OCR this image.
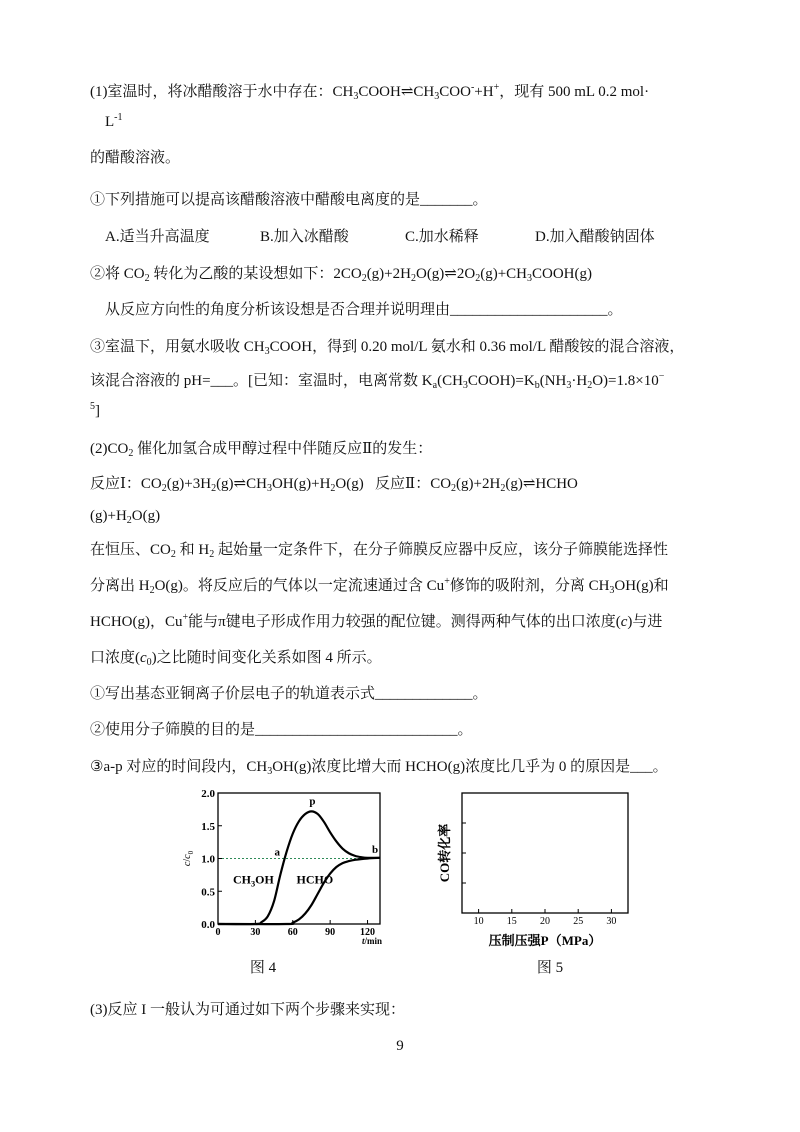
(1)室温时，将冰醋酸溶于水中存在：$CH_3COOH\rightleftharpoons CH_3COO^-+H^+$，现有 500 mL 0.2 mol·
$L^{-1}$
的醋酸溶液。
①下列措施可以提高该醋酸溶液中醋酸电离度的是_______。
A.适当升高温度	B.加入冰醋酸	C.加水稀释	D.加入醋酸钠固体
②将 $CO_2$ 转化为乙酸的某设想如下：$2CO_2(g)+2H_2O(g)\rightleftharpoons 2O_2(g)+CH_3COOH(g)$
从反应方向性的角度分析该设想是否合理并说明理由_____________________。
③室温下，用氨水吸收 $CH_3COOH$，得到 0.20 mol/L 氨水和 0.36 mol/L 醋酸铵的混合溶液，
该混合溶液的 pH=___。[已知：室温时，电离常数 $K_a(CH_3COOH)=K_b(NH_3\cdot H_2O)=1.8\times 10^-$
$^5$]
$(2)CO_2$ 催化加氢合成甲醇过程中伴随反应Ⅱ的发生：
反应Ⅰ：$CO_2(g)+3H_2(g)\rightleftharpoons CH_3OH(g)+H_2O(g)$   反应Ⅱ：$CO_2(g)+2H_2(g)\rightleftharpoons HCHO$
$(g)+H_2O(g)$
在恒压、$CO_2$ 和 $H_2$ 起始量一定条件下，在分子筛膜反应器中反应，该分子筛膜能选择性
分离出 $H_2O(g)$。将反应后的气体以一定流速通过含 Cu+修饰的吸附剂，分离 $CH_3OH(g)$和
HCHO(g)，Cu+能与π键电子形成作用力较强的配位键。测得两种气体的出口浓度(c)与进
口浓度$(c_0)$之比随时间变化关系如图 4 所示。
①写出基态亚铜离子价层电子的轨道表示式_____________。
②使用分子筛膜的目的是___________________________。
③a-p 对应的时间段内，$CH_3OH(g)$浓度比增大而 HCHO(g)浓度比几乎为 0 的原因是___。
0	30	60	90 120
0.0
0.5
1.0
1.5
2.0
t/min
$c/c_0$
$CH_3OH$ HCHO
a
p
b
10 15 20 25 30
压制压强P（MPa）
CO转化率
图 4	图 5
(3)反应 I 一般认为可通过如下两个步骤来实现：
9
